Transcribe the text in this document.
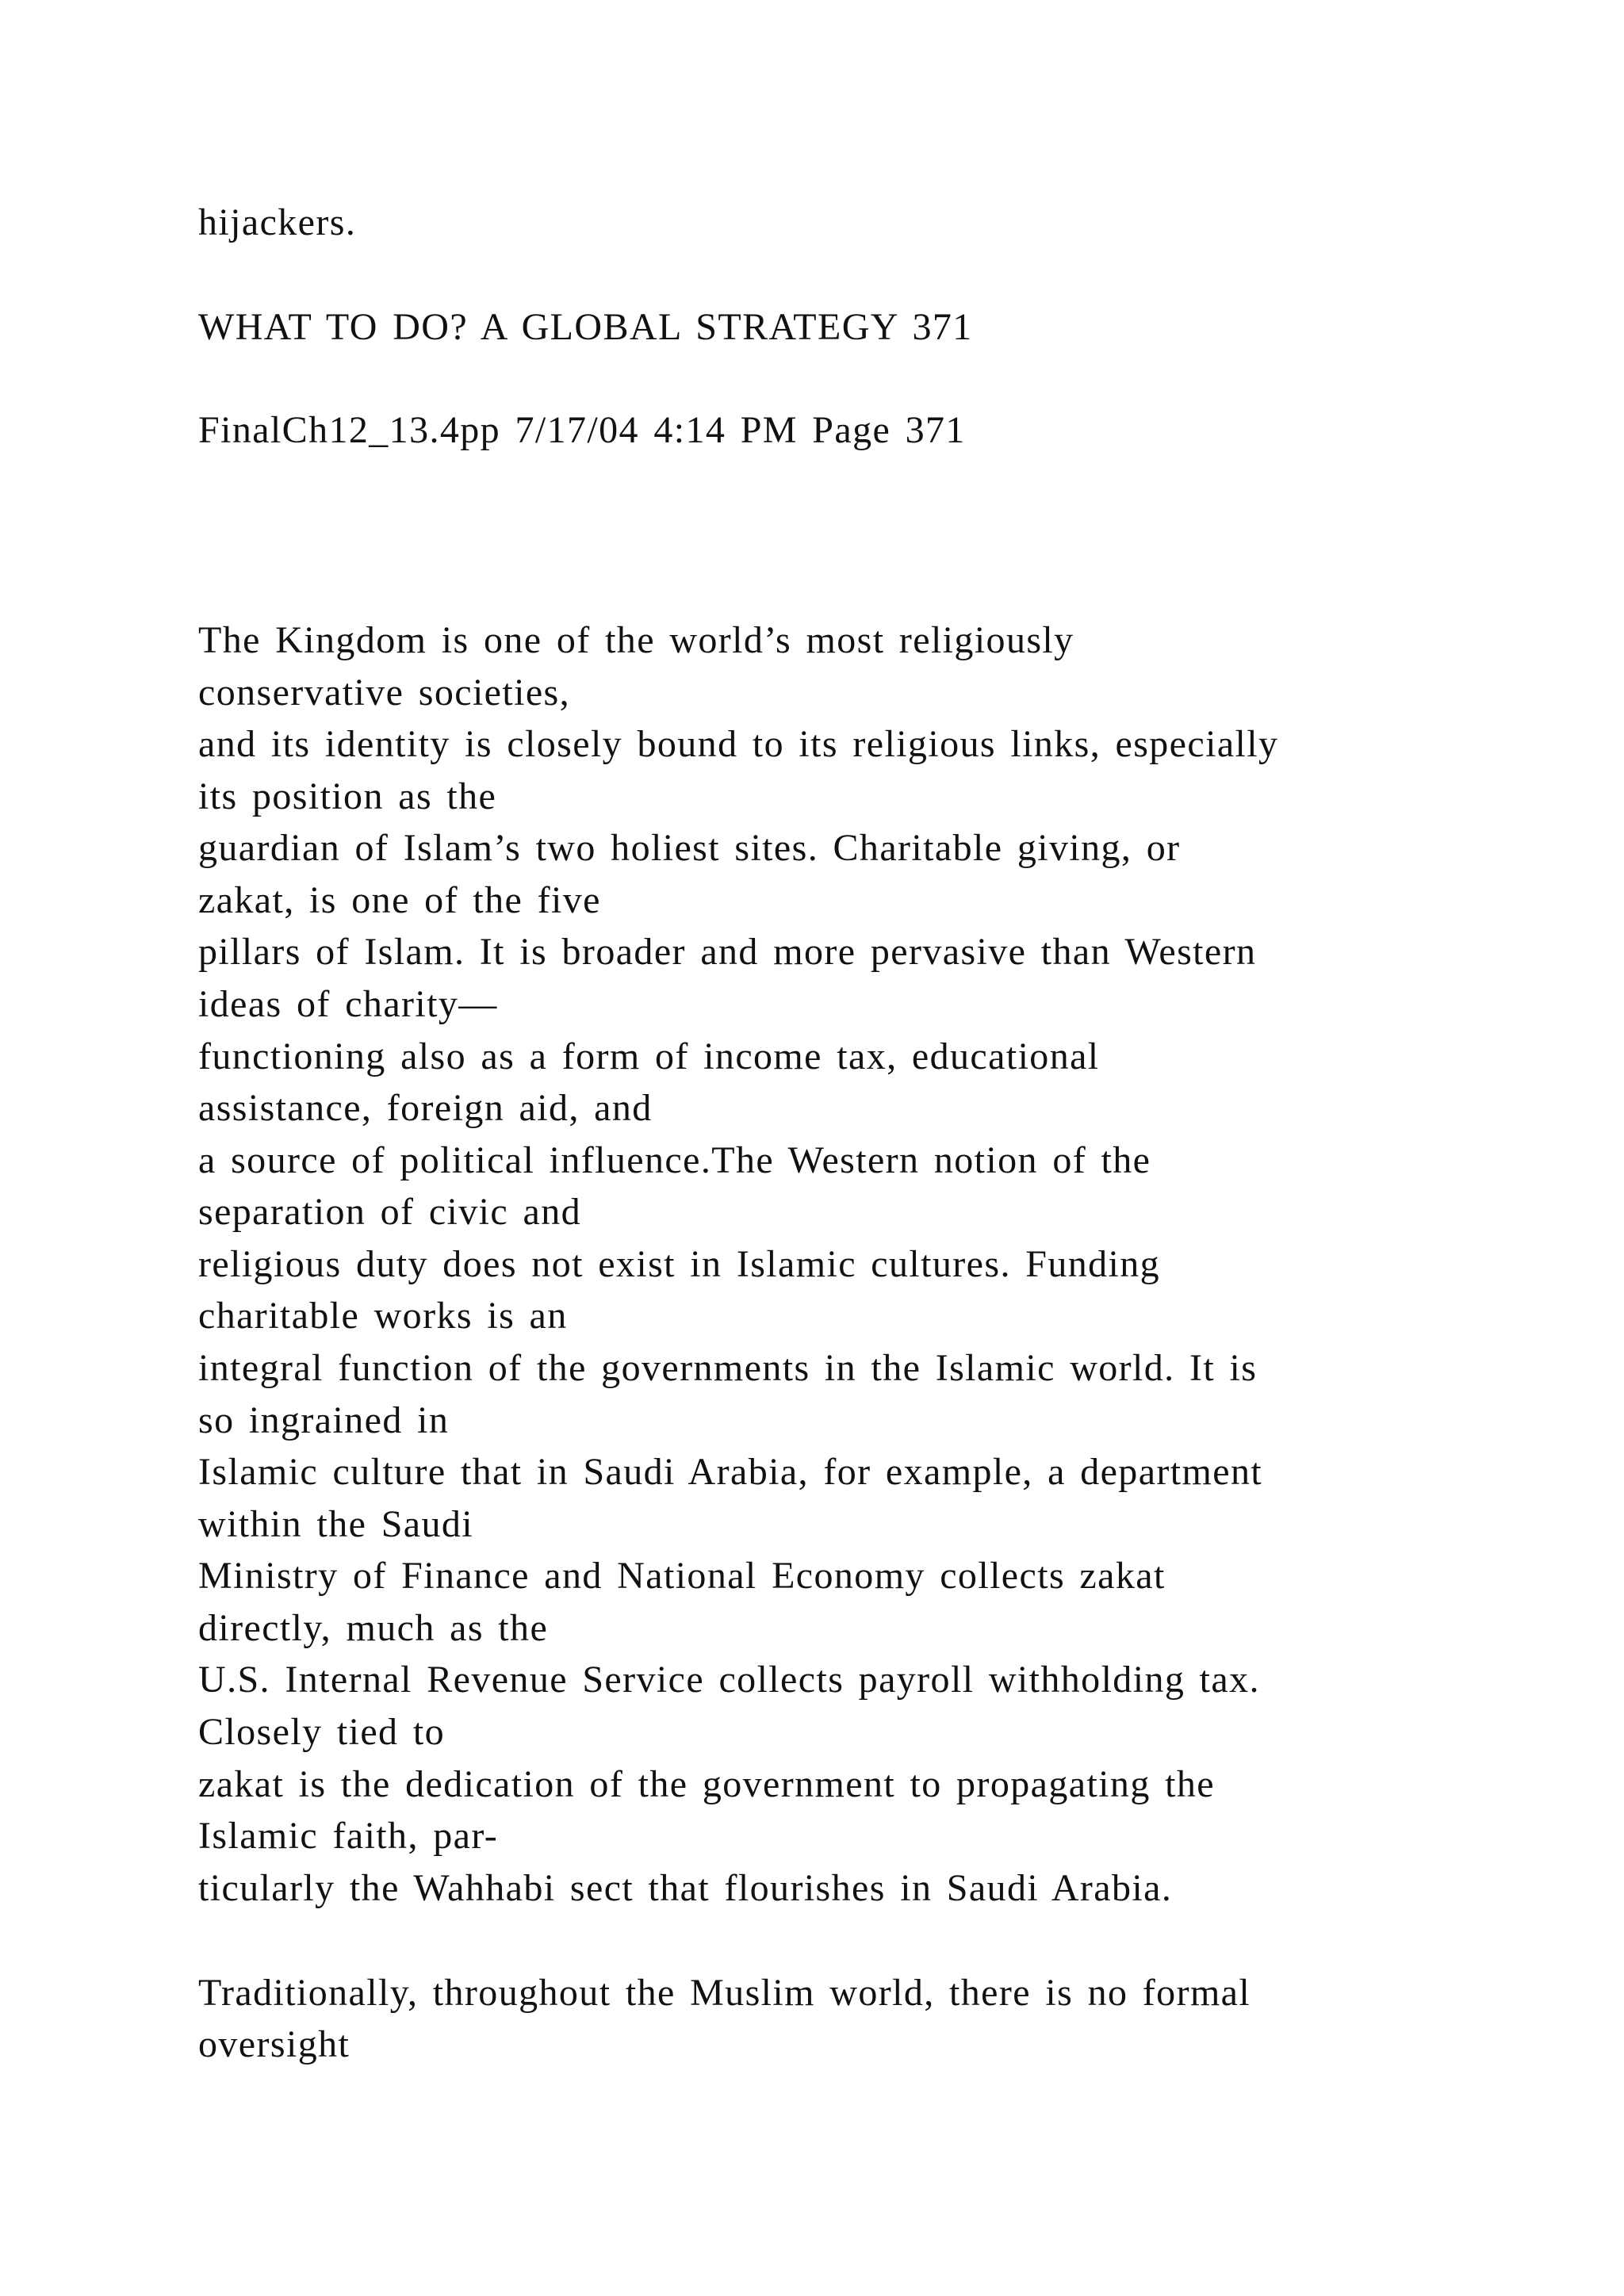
hijackers.
WHAT TO DO? A GLOBAL STRATEGY 371
FinalCh12_13.4pp 7/17/04 4:14 PM Page 371
The Kingdom is one of the world’s most religiously
conservative societies,
and its identity is closely bound to its religious links, especially
its position as the
guardian of Islam’s two holiest sites. Charitable giving, or
zakat, is one of the five
pillars of Islam. It is broader and more pervasive than Western
ideas of charity—
functioning also as a form of income tax, educational
assistance, foreign aid, and
a source of political influence.The Western notion of the
separation of civic and
religious duty does not exist in Islamic cultures. Funding
charitable works is an
integral function of the governments in the Islamic world. It is
so ingrained in
Islamic culture that in Saudi Arabia, for example, a department
within the Saudi
Ministry of Finance and National Economy collects zakat
directly, much as the
U.S. Internal Revenue Service collects payroll withholding tax.
Closely tied to
zakat is the dedication of the government to propagating the
Islamic faith, par-
ticularly the Wahhabi sect that flourishes in Saudi Arabia.
Traditionally, throughout the Muslim world, there is no formal
oversight
